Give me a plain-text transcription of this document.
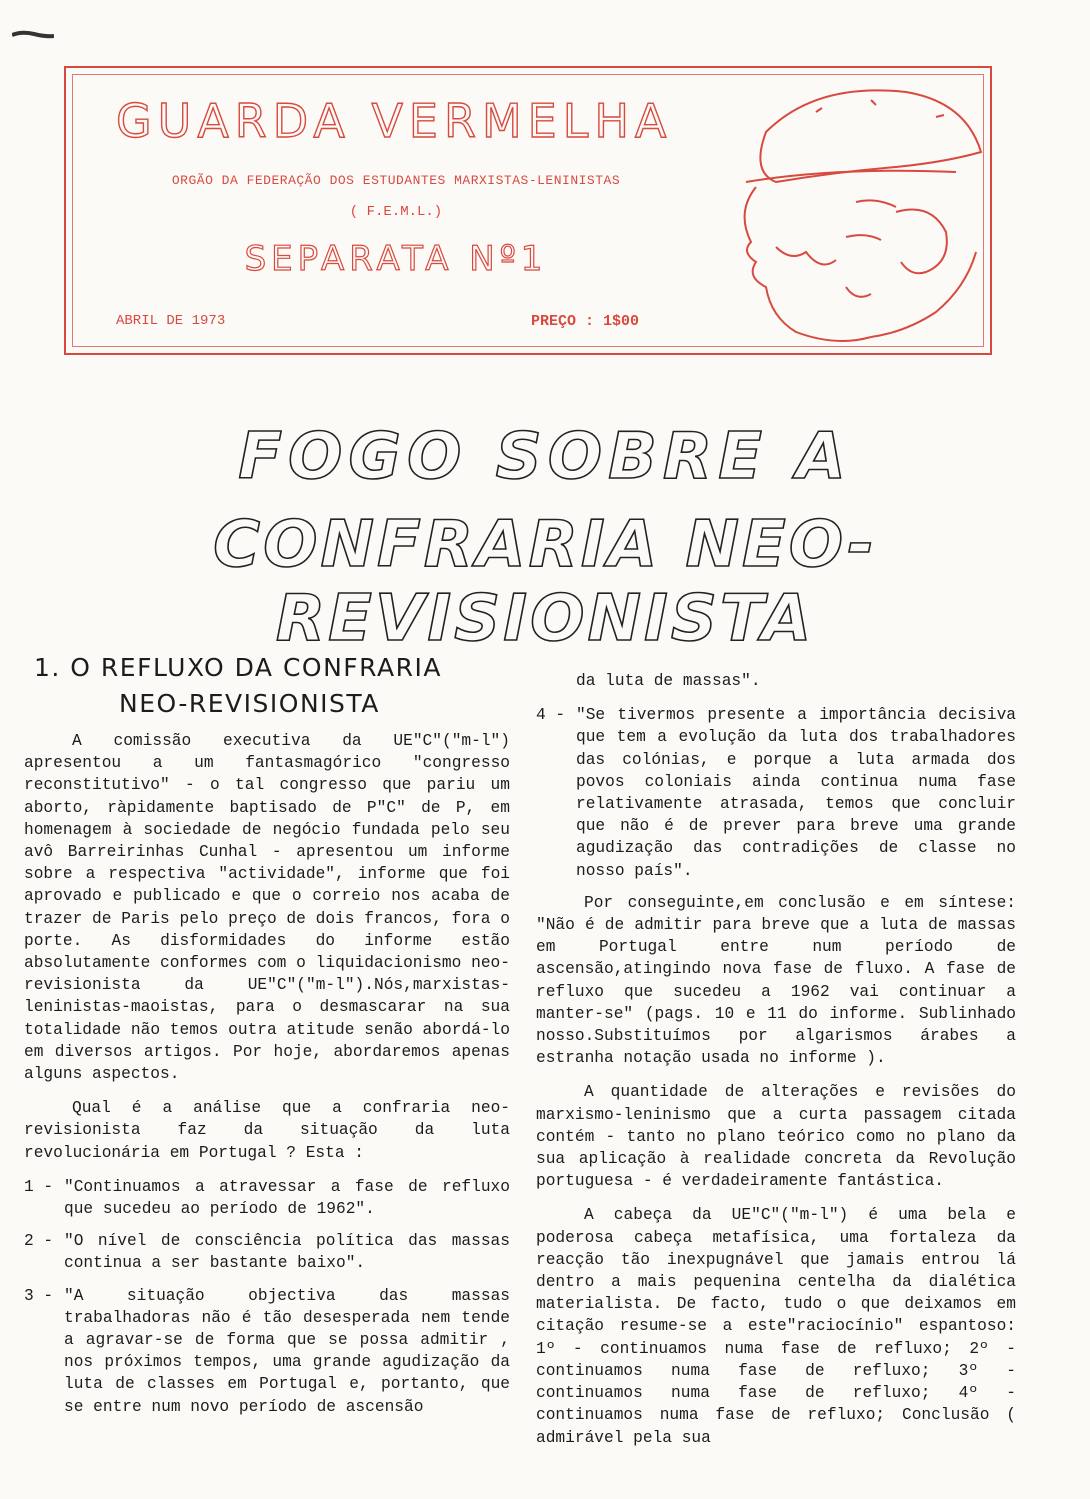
GUARDA VERMELHA
ORGÃO DA FEDERAÇÃO DOS ESTUDANTES MARXISTAS-LENINISTAS
( F.E.M.L.)
SEPARATA Nº1
ABRIL DE 1973	PREÇO : 1$00
FOGO SOBRE A
CONFRARIA NEO-REVISIONISTA
1. O REFLUXO DA CONFRARIA
NEO-REVISIONISTA

A comissão executiva da UE"C"("m-l") apresentou a um fantasmagórico "congresso reconstitutivo" - o tal congresso que pariu um aborto, ràpidamente baptisado de P"C" de P, em homenagem à sociedade de negócio fundada pelo seu avô Barreirinhas Cunhal - apresentou um informe sobre a respectiva "actividade", informe que foi aprovado e publicado e que o correio nos acaba de trazer de Paris pelo preço de dois francos, fora o porte. As disformidades do informe estão absolutamente conformes com o liquidacionismo neo-revisionista da UE"C"("m-l").Nós,marxistas-leninistas-maoistas, para o desmascarar na sua totalidade não temos outra atitude senão abordá-lo em diversos artigos. Por hoje, abordaremos apenas alguns aspectos.

Qual é a análise que a confraria neo-revisionista faz da situação da luta revolucionária em Portugal ? Esta :

1 - "Continuamos a atravessar a fase de refluxo que sucedeu ao período de 1962".
2 - "O nível de consciência política das massas continua a ser bastante baixo".
3 - "A situação objectiva das massas trabalhadoras não é tão desesperada nem tende a agravar-se de forma que se possa admitir , nos próximos tempos, uma grande agudização da luta de classes em Portugal e, portanto, que se entre num novo período de ascensão
da luta de massas".
4 - "Se tivermos presente a importância decisiva que tem a evolução da luta dos trabalhadores das colónias, e porque a luta armada dos povos coloniais ainda continua numa fase relativamente atrasada, temos que concluir que não é de prever para breve uma grande agudização das contradições de classe no nosso país".

Por conseguinte,em conclusão e em síntese: "Não é de admitir para breve que a luta de massas em Portugal entre num período de ascensão,atingindo nova fase de fluxo. A fase de refluxo que sucedeu a 1962 vai continuar a manter-se" (pags. 10 e 11 do informe. Sublinhado nosso.Substituímos por algarismos árabes a estranha notação usada no informe ).

A quantidade de alterações e revisões do marxismo-leninismo que a curta passagem citada contém - tanto no plano teórico como no plano da sua aplicação à realidade concreta da Revolução portuguesa - é verdadeiramente fantástica.

A cabeça da UE"C"("m-l") é uma bela e poderosa cabeça metafísica, uma fortaleza da reacção tão inexpugnável que jamais entrou lá dentro a mais pequenina centelha da dialética materialista. De facto, tudo o que deixamos em citação resume-se a este"raciocínio" espantoso: 1º - continuamos numa fase de refluxo; 2º - continuamos numa fase de refluxo; 3º - continuamos numa fase de refluxo; 4º - continuamos numa fase de refluxo; Conclusão ( admirável pela sua
